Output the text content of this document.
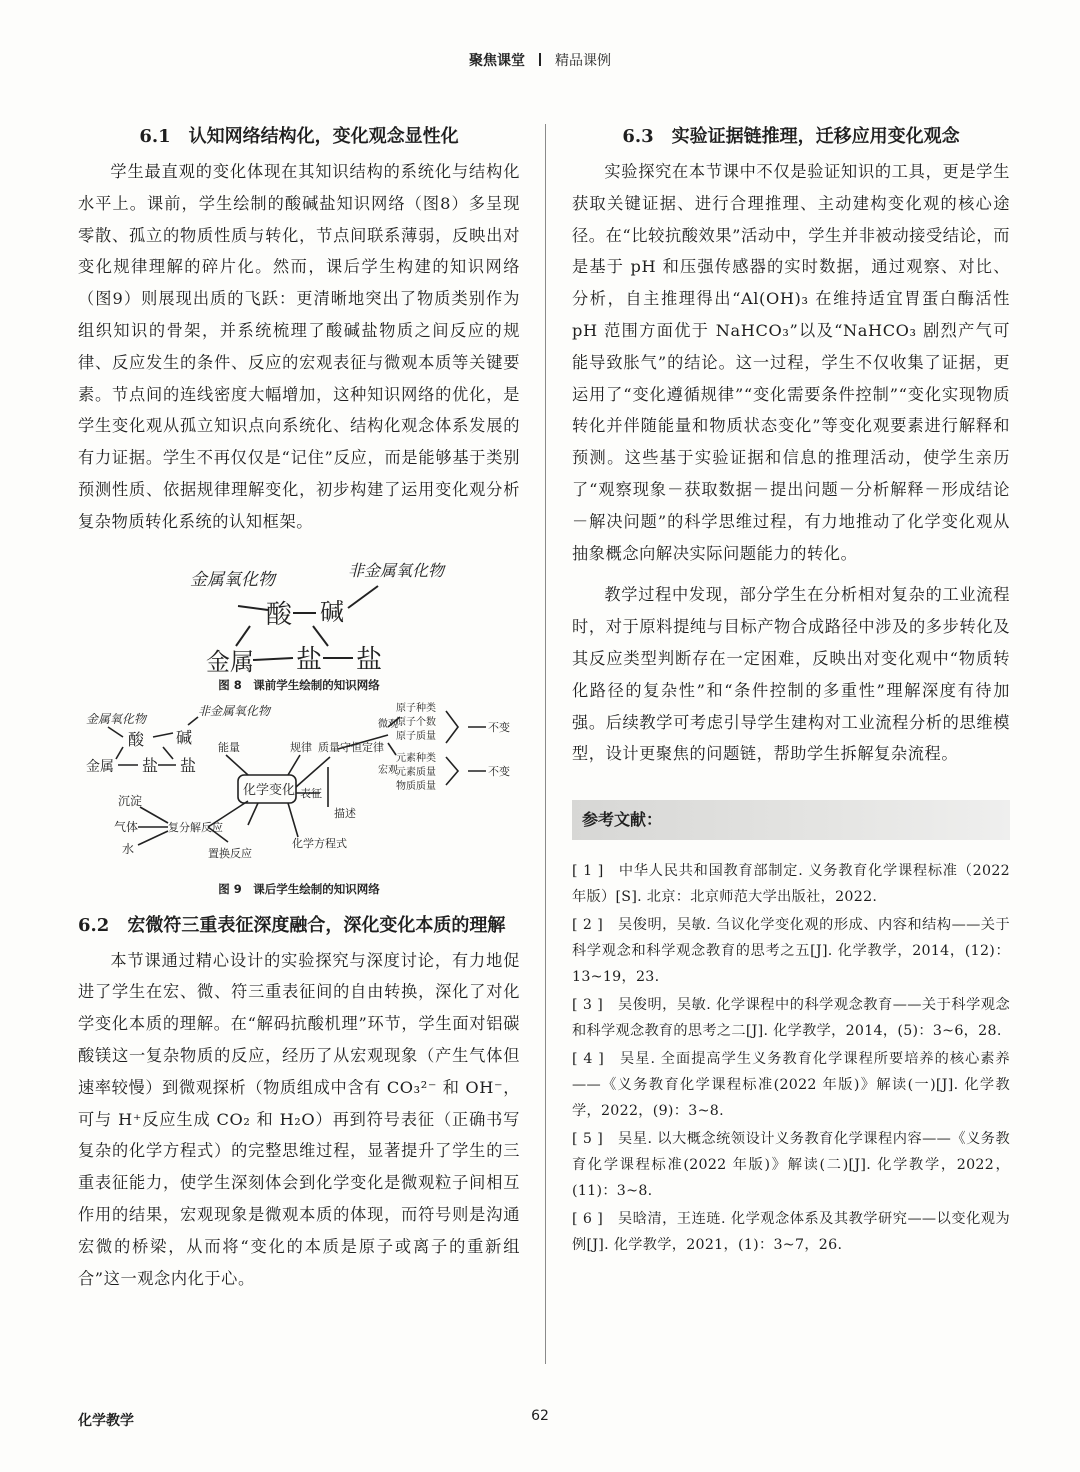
聚焦课堂 精品课例
6.1　认知网络结构化，变化观念显性化

学生最直观的变化体现在其知识结构的系统化与结构化水平上。课前，学生绘制的酸碱盐知识网络（图8）多呈现零散、孤立的物质性质与转化，节点间联系薄弱，反映出对变化规律理解的碎片化。然而，课后学生构建的知识网络（图9）则展现出质的飞跃：更清晰地突出了物质类别作为组织知识的骨架，并系统梳理了酸碱盐物质之间反应的规律、反应发生的条件、反应的宏观表征与微观本质等关键要素。节点间的连线密度大幅增加，这种知识网络的优化，是学生变化观从孤立知识点向系统化、结构化观念体系发展的有力证据。学生不再仅仅是“记住”反应，而是能够基于类别预测性质、依据规律理解变化，初步构建了运用变化观分析复杂物质转化系统的认知框架。

金属氧化物	非金属氧化物
酸 碱
金属 盐 盐
图 8　课前学生绘制的知识网络
金属氧化物
非金属氧化物
酸 碱
金属 盐 盐
化学变化
能量	规律 质量守恒定律
原子种类
原子个数
原子质量
不变
元素种类
元素质量
物质质量
不变
微观
宏观
表征
化学方程式
描述
沉淀
气体
水
复分解反应
置换反应
图 9　课后学生绘制的知识网络
6.2　宏微符三重表征深度融合，深化变化本质的理解

本节课通过精心设计的实验探究与深度讨论，有力地促进了学生在宏、微、符三重表征间的自由转换，深化了对化学变化本质的理解。在“解码抗酸机理”环节，学生面对铝碳酸镁这一复杂物质的反应，经历了从宏观现象（产生气体但速率较慢）到微观探析（物质组成中含有 CO₃²⁻ 和 OH⁻，可与 H⁺反应生成 CO₂ 和 H₂O）再到符号表征（正确书写复杂的化学方程式）的完整思维过程，显著提升了学生的三重表征能力，使学生深刻体会到化学变化是微观粒子间相互作用的结果，宏观现象是微观本质的体现，而符号则是沟通宏微的桥梁，从而将“变化的本质是原子或离子的重新组合”这一观念内化于心。

6.3　实验证据链推理，迁移应用变化观念

实验探究在本节课中不仅是验证知识的工具，更是学生获取关键证据、进行合理推理、主动建构变化观的核心途径。在“比较抗酸效果”活动中，学生并非被动接受结论，而是基于 pH 和压强传感器的实时数据，通过观察、对比、分析，自主推理得出“Al(OH)₃ 在维持适宜胃蛋白酶活性 pH 范围方面优于 NaHCO₃”以及“NaHCO₃ 剧烈产气可能导致胀气”的结论。这一过程，学生不仅收集了证据，更运用了“变化遵循规律”“变化需要条件控制”“变化实现物质转化并伴随能量和物质状态变化”等变化观要素进行解释和预测。这些基于实验证据和信息的推理活动，使学生亲历了“观察现象－获取数据－提出问题－分析解释－形成结论－解决问题”的科学思维过程，有力地推动了化学变化观从抽象概念向解决实际问题能力的转化。

教学过程中发现，部分学生在分析相对复杂的工业流程时，对于原料提纯与目标产物合成路径中涉及的多步转化及其反应类型判断存在一定困难，反映出对变化观中“物质转化路径的复杂性”和“条件控制的多重性”理解深度有待加强。后续教学可考虑引导学生建构对工业流程分析的思维模型，设计更聚焦的问题链，帮助学生拆解复杂流程。

参考文献：
[ 1 ]　中华人民共和国教育部制定. 义务教育化学课程标准（2022 年版）[S]. 北京：北京师范大学出版社，2022.
[ 2 ]　吴俊明，吴敏. 刍议化学变化观的形成、内容和结构——关于科学观念和科学观念教育的思考之五[J]. 化学教学，2014，(12)：13~19，23.
[ 3 ]　吴俊明，吴敏. 化学课程中的科学观念教育——关于科学观念和科学观念教育的思考之二[J]. 化学教学，2014，(5)：3~6，28.
[ 4 ]　吴星. 全面提高学生义务教育化学课程所要培养的核心素养——《义务教育化学课程标准(2022 年版)》解读(一)[J]. 化学教学，2022，(9)：3~8.
[ 5 ]　吴星. 以大概念统领设计义务教育化学课程内容——《义务教育化学课程标准(2022 年版)》解读(二)[J]. 化学教学，2022，(11)：3~8.
[ 6 ]　吴晗清，王连琏. 化学观念体系及其教学研究——以变化观为例[J]. 化学教学，2021，(1)：3~7，26.
化学教学	62
